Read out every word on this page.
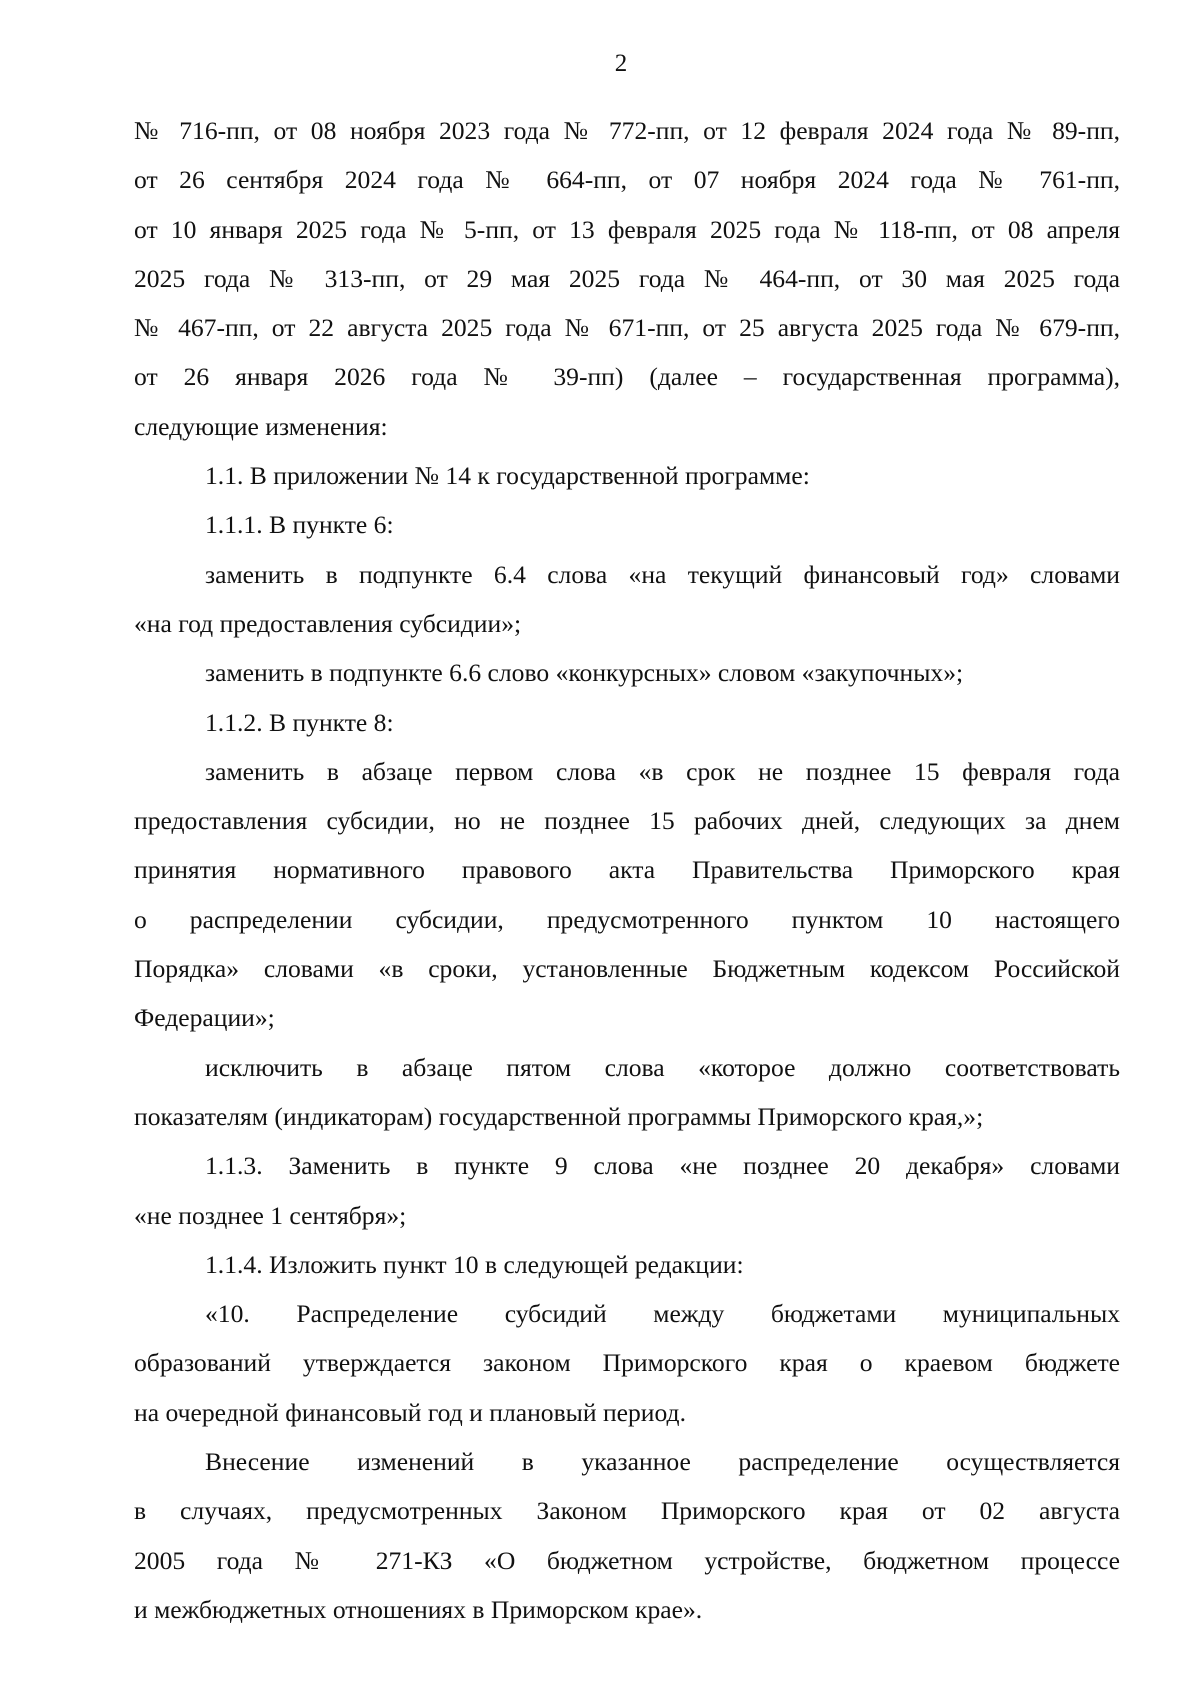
2

№ 716-пп, от 08 ноября 2023 года № 772-пп, от 12 февраля 2024 года № 89-пп,

от 26 сентября 2024 года № 664-пп, от 07 ноября 2024 года № 761-пп,

от 10 января 2025 года № 5-пп, от 13 февраля 2025 года № 118-пп, от 08 апреля

2025 года № 313-пп, от 29 мая 2025 года № 464-пп, от 30 мая 2025 года

№ 467-пп, от 22 августа 2025 года № 671-пп, от 25 августа 2025 года № 679-пп,

от 26 января 2026 года № 39-пп) (далее – государственная программа),

следующие изменения:

1.1. В приложении № 14 к государственной программе:

1.1.1. В пункте 6:

заменить в подпункте 6.4 слова «на текущий финансовый год» словами

«на год предоставления субсидии»;

заменить в подпункте 6.6 слово «конкурсных» словом «закупочных»;

1.1.2. В пункте 8:

заменить в абзаце первом слова «в срок не позднее 15 февраля года

предоставления субсидии, но не позднее 15 рабочих дней, следующих за днем

принятия нормативного правового акта Правительства Приморского края

о распределении субсидии, предусмотренного пунктом 10 настоящего

Порядка» словами «в сроки, установленные Бюджетным кодексом Российской

Федерации»;

исключить в абзаце пятом слова «которое должно соответствовать

показателям (индикаторам) государственной программы Приморского края,»;

1.1.3. Заменить в пункте 9 слова «не позднее 20 декабря» словами

«не позднее 1 сентября»;

1.1.4. Изложить пункт 10 в следующей редакции:

«10. Распределение субсидий между бюджетами муниципальных

образований утверждается законом Приморского края о краевом бюджете

на очередной финансовый год и плановый период.

Внесение изменений в указанное распределение осуществляется

в случаях, предусмотренных Законом Приморского края от 02 августа

2005 года № 271-КЗ «О бюджетном устройстве, бюджетном процессе

и межбюджетных отношениях в Приморском крае».
